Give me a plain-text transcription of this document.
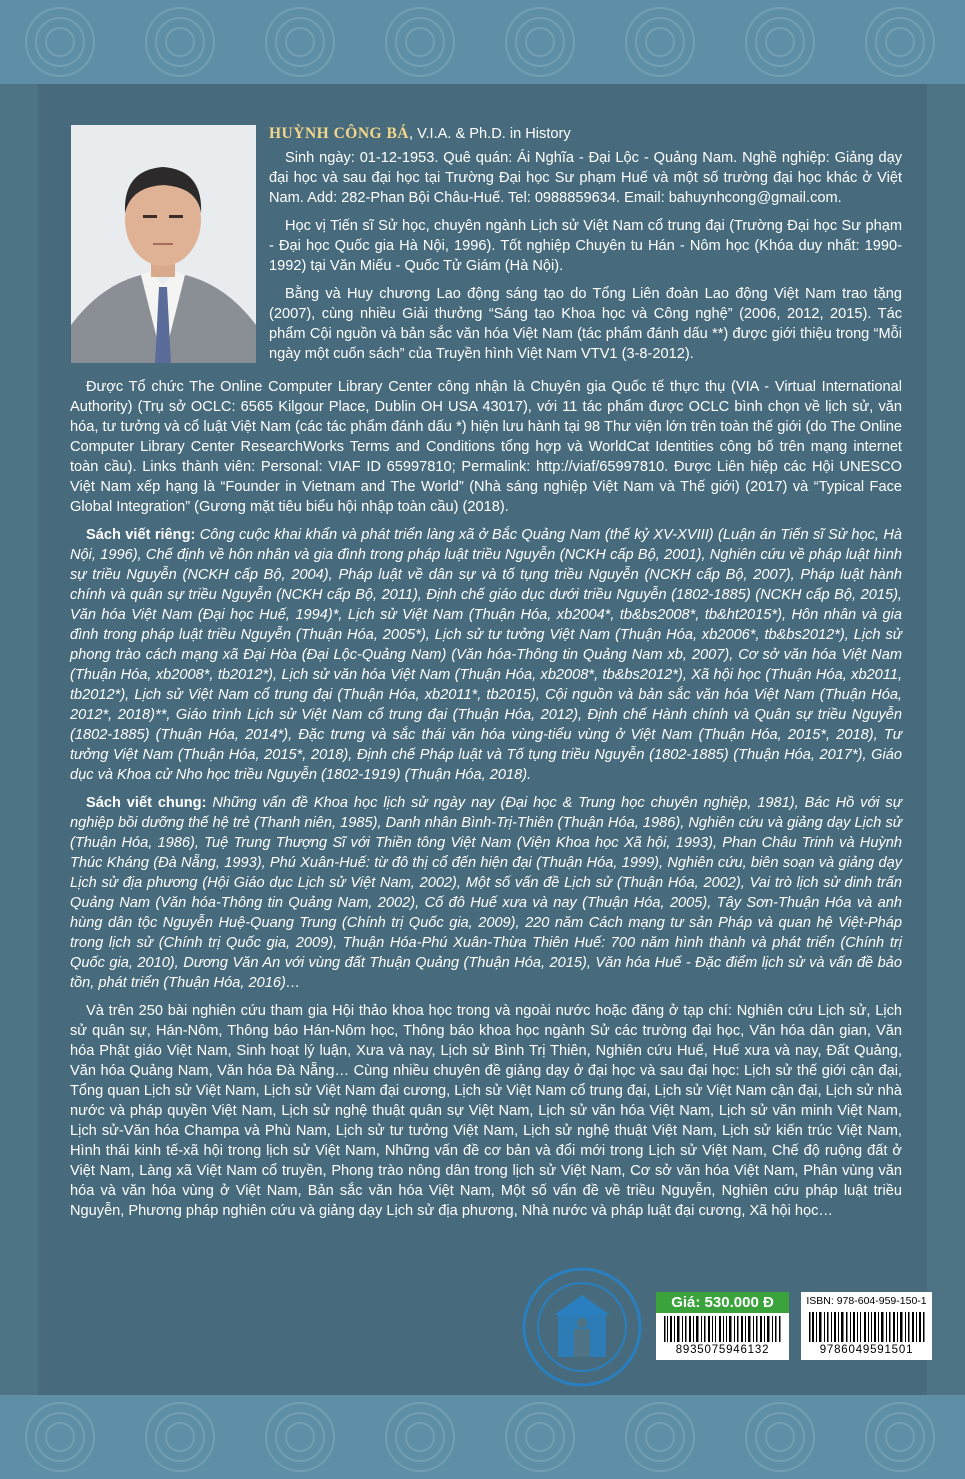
HUỲNH CÔNG BÁ, V.I.A. & Ph.D. in History

Sinh ngày: 01-12-1953. Quê quán: Ái Nghĩa - Đại Lộc - Quảng Nam. Nghề nghiệp: Giảng dạy đại học và sau đại học tại Trường Đại học Sư phạm Huế và một số trường đại học khác ở Việt Nam. Add: 282-Phan Bội Châu-Huế. Tel: 0988859634. Email: bahuynhcong@gmail.com.

Học vị Tiến sĩ Sử học, chuyên ngành Lịch sử Việt Nam cổ trung đại (Trường Đại học Sư phạm - Đại học Quốc gia Hà Nội, 1996). Tốt nghiệp Chuyên tu Hán - Nôm học (Khóa duy nhất: 1990-1992) tại Văn Miếu - Quốc Tử Giám (Hà Nội).

Bằng và Huy chương Lao động sáng tạo do Tổng Liên đoàn Lao động Việt Nam trao tặng (2007), cùng nhiều Giải thưởng “Sáng tạo Khoa học và Công nghệ” (2006, 2012, 2015). Tác phẩm Cội nguồn và bản sắc văn hóa Việt Nam (tác phẩm đánh dấu **) được giới thiệu trong “Mỗi ngày một cuốn sách” của Truyền hình Việt Nam VTV1 (3-8-2012).

Được Tổ chức The Online Computer Library Center công nhận là Chuyên gia Quốc tế thực thụ (VIA - Virtual International Authority) (Trụ sở OCLC: 6565 Kilgour Place, Dublin OH USA 43017), với 11 tác phẩm được OCLC bình chọn về lịch sử, văn hóa, tư tưởng và cổ luật Việt Nam (các tác phẩm đánh dấu *) hiện lưu hành tại 98 Thư viện lớn trên toàn thế giới (do The Online Computer Library Center ResearchWorks Terms and Conditions tổng hợp và WorldCat Identities công bố trên mạng internet toàn cầu). Links thành viên: Personal: VIAF ID 65997810; Permalink: http://viaf/65997810. Được Liên hiệp các Hội UNESCO Việt Nam xếp hạng là “Founder in Vietnam and The World” (Nhà sáng nghiệp Việt Nam và Thế giới) (2017) và “Typical Face Global Integration” (Gương mặt tiêu biểu hội nhập toàn cầu) (2018).

Sách viết riêng: Công cuộc khai khẩn và phát triển làng xã ở Bắc Quảng Nam (thế kỷ XV-XVIII) (Luận án Tiến sĩ Sử học, Hà Nội, 1996), Chế định về hôn nhân và gia đình trong pháp luật triều Nguyễn (NCKH cấp Bộ, 2001), Nghiên cứu về pháp luật hình sự triều Nguyễn (NCKH cấp Bộ, 2004), Pháp luật về dân sự và tố tụng triều Nguyễn (NCKH cấp Bộ, 2007), Pháp luật hành chính và quân sự triều Nguyễn (NCKH cấp Bộ, 2011), Định chế giáo dục dưới triều Nguyễn (1802-1885) (NCKH cấp Bộ, 2015), Văn hóa Việt Nam (Đại học Huế, 1994)*, Lịch sử Việt Nam (Thuận Hóa, xb2004*, tb&bs2008*, tb&ht2015*), Hôn nhân và gia đình trong pháp luật triều Nguyễn (Thuận Hóa, 2005*), Lịch sử tư tưởng Việt Nam (Thuận Hóa, xb2006*, tb&bs2012*), Lịch sử phong trào cách mạng xã Đại Hòa (Đại Lộc-Quảng Nam) (Văn hóa-Thông tin Quảng Nam xb, 2007), Cơ sở văn hóa Việt Nam (Thuận Hóa, xb2008*, tb2012*), Lịch sử văn hóa Việt Nam (Thuận Hóa, xb2008*, tb&bs2012*), Xã hội học (Thuận Hóa, xb2011, tb2012*), Lịch sử Việt Nam cổ trung đại (Thuận Hóa, xb2011*, tb2015), Cội nguồn và bản sắc văn hóa Việt Nam (Thuận Hóa, 2012*, 2018)**, Giáo trình Lịch sử Việt Nam cổ trung đại (Thuận Hóa, 2012), Định chế Hành chính và Quân sự triều Nguyễn (1802-1885) (Thuận Hóa, 2014*), Đặc trưng và sắc thái văn hóa vùng-tiểu vùng ở Việt Nam (Thuận Hóa, 2015*, 2018), Tư tưởng Việt Nam (Thuận Hóa, 2015*, 2018), Định chế Pháp luật và Tố tụng triều Nguyễn (1802-1885) (Thuận Hóa, 2017*), Giáo dục và Khoa cử Nho học triều Nguyễn (1802-1919) (Thuận Hóa, 2018).

Sách viết chung: Những vấn đề Khoa học lịch sử ngày nay (Đại học & Trung học chuyên nghiệp, 1981), Bác Hồ với sự nghiệp bồi dưỡng thế hệ trẻ (Thanh niên, 1985), Danh nhân Bình-Trị-Thiên (Thuận Hóa, 1986), Nghiên cứu và giảng dạy Lịch sử (Thuận Hóa, 1986), Tuệ Trung Thượng Sĩ với Thiền tông Việt Nam (Viện Khoa học Xã hội, 1993), Phan Châu Trinh và Huỳnh Thúc Kháng (Đà Nẵng, 1993), Phú Xuân-Huế: từ đô thị cổ đến hiện đại (Thuận Hóa, 1999), Nghiên cứu, biên soạn và giảng dạy Lịch sử địa phương (Hội Giáo dục Lịch sử Việt Nam, 2002), Một số vấn đề Lịch sử (Thuận Hóa, 2002), Vai trò lịch sử dinh trấn Quảng Nam (Văn hóa-Thông tin Quảng Nam, 2002), Cố đô Huế xưa và nay (Thuận Hóa, 2005), Tây Sơn-Thuận Hóa và anh hùng dân tộc Nguyễn Huệ-Quang Trung (Chính trị Quốc gia, 2009), 220 năm Cách mạng tư sản Pháp và quan hệ Việt-Pháp trong lịch sử (Chính trị Quốc gia, 2009), Thuận Hóa-Phú Xuân-Thừa Thiên Huế: 700 năm hình thành và phát triển (Chính trị Quốc gia, 2010), Dương Văn An với vùng đất Thuận Quảng (Thuận Hóa, 2015), Văn hóa Huế - Đặc điểm lịch sử và vấn đề bảo tồn, phát triển (Thuận Hóa, 2016)…

Và trên 250 bài nghiên cứu tham gia Hội thảo khoa học trong và ngoài nước hoặc đăng ở tạp chí: Nghiên cứu Lịch sử, Lịch sử quân sự, Hán-Nôm, Thông báo Hán-Nôm học, Thông báo khoa học ngành Sử các trường đại học, Văn hóa dân gian, Văn hóa Phật giáo Việt Nam, Sinh hoạt lý luận, Xưa và nay, Lịch sử Bình Trị Thiên, Nghiên cứu Huế, Huế xưa và nay, Đất Quảng, Văn hóa Quảng Nam, Văn hóa Đà Nẵng… Cùng nhiều chuyên đề giảng dạy ở đại học và sau đại học: Lịch sử thế giới cận đại, Tổng quan Lịch sử Việt Nam, Lịch sử Việt Nam đại cương, Lịch sử Việt Nam cổ trung đại, Lịch sử Việt Nam cận đại, Lịch sử nhà nước và pháp quyền Việt Nam, Lịch sử nghệ thuật quân sự Việt Nam, Lịch sử văn hóa Việt Nam, Lịch sử văn minh Việt Nam, Lịch sử-Văn hóa Champa và Phù Nam, Lịch sử tư tưởng Việt Nam, Lịch sử nghệ thuật Việt Nam, Lịch sử kiến trúc Việt Nam, Hình thái kinh tế-xã hội trong lịch sử Việt Nam, Những vấn đề cơ bản và đổi mới trong Lịch sử Việt Nam, Chế độ ruộng đất ở Việt Nam, Làng xã Việt Nam cổ truyền, Phong trào nông dân trong lịch sử Việt Nam, Cơ sở văn hóa Việt Nam, Phân vùng văn hóa và văn hóa vùng ở Việt Nam, Bản sắc văn hóa Việt Nam, Một số vấn đề về triều Nguyễn, Nghiên cứu pháp luật triều Nguyễn, Phương pháp nghiên cứu và giảng dạy Lịch sử địa phương, Nhà nước và pháp luật đại cương, Xã hội học…

8935075946132
Giá: 530.000 Đ	ISBN: 978-604-959-150-1
9786049591501
